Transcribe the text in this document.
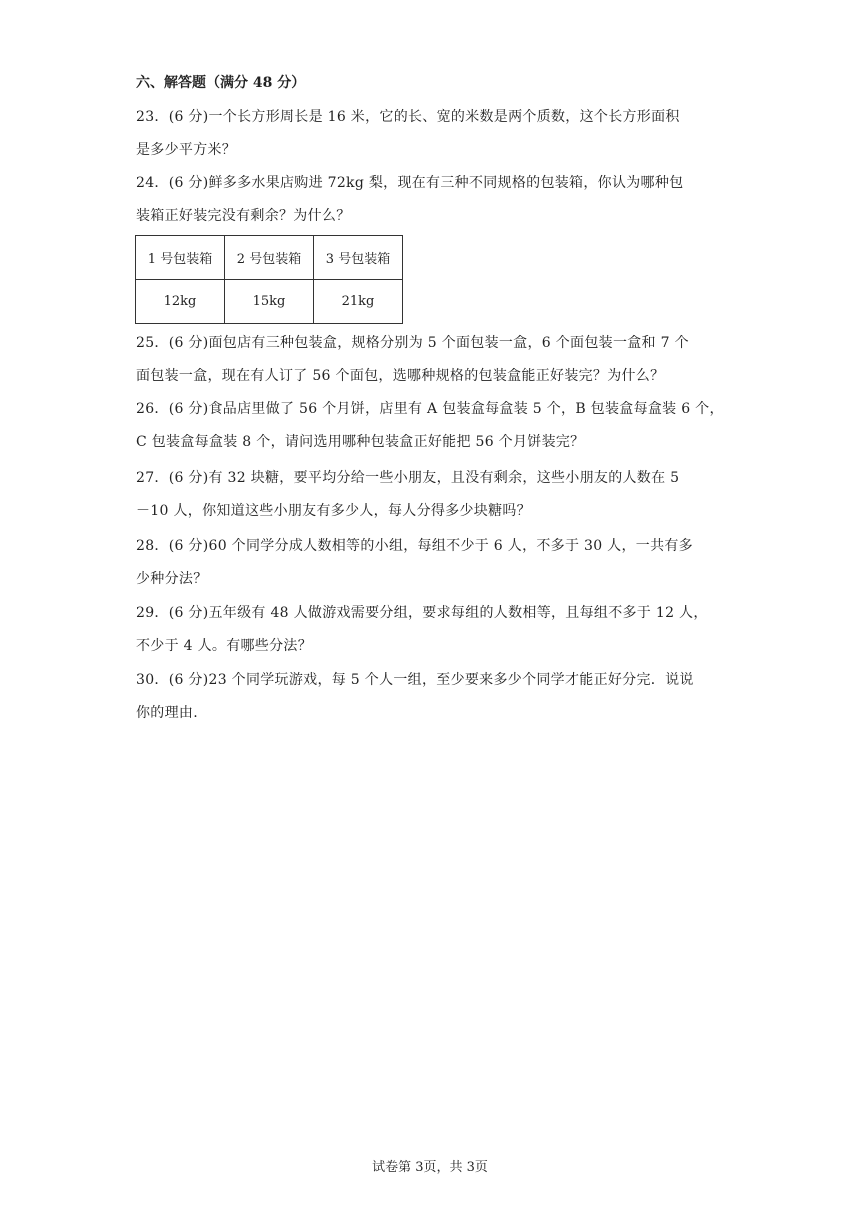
六、解答题（满分 48 分）
23．(6 分)一个长方形周长是 16 米，它的长、宽的米数是两个质数，这个长方形面积
是多少平方米？
24．(6 分)鲜多多水果店购进 72kg 梨，现在有三种不同规格的包装箱，你认为哪种包
装箱正好装完没有剩余？为什么？
1 号包装箱	2 号包装箱	3 号包装箱
12kg	15kg	21kg
25．(6 分)面包店有三种包装盒，规格分别为 5 个面包装一盒，6 个面包装一盒和 7 个
面包装一盒，现在有人订了 56 个面包，选哪种规格的包装盒能正好装完？为什么？
26．(6 分)食品店里做了 56 个月饼，店里有 A 包装盒每盒装 5 个，B 包装盒每盒装 6 个，
C 包装盒每盒装 8 个，请问选用哪种包装盒正好能把 56 个月饼装完？
27．(6 分)有 32 块糖，要平均分给一些小朋友，且没有剩余，这些小朋友的人数在 5
－10 人，你知道这些小朋友有多少人，每人分得多少块糖吗？
28．(6 分)60 个同学分成人数相等的小组，每组不少于 6 人，不多于 30 人，一共有多
少种分法？
29．(6 分)五年级有 48 人做游戏需要分组，要求每组的人数相等，且每组不多于 12 人，
不少于 4 人。有哪些分法？
30．(6 分)23 个同学玩游戏，每 5 个人一组，至少要来多少个同学才能正好分完．说说
你的理由.
试卷第 3页，共 3页
